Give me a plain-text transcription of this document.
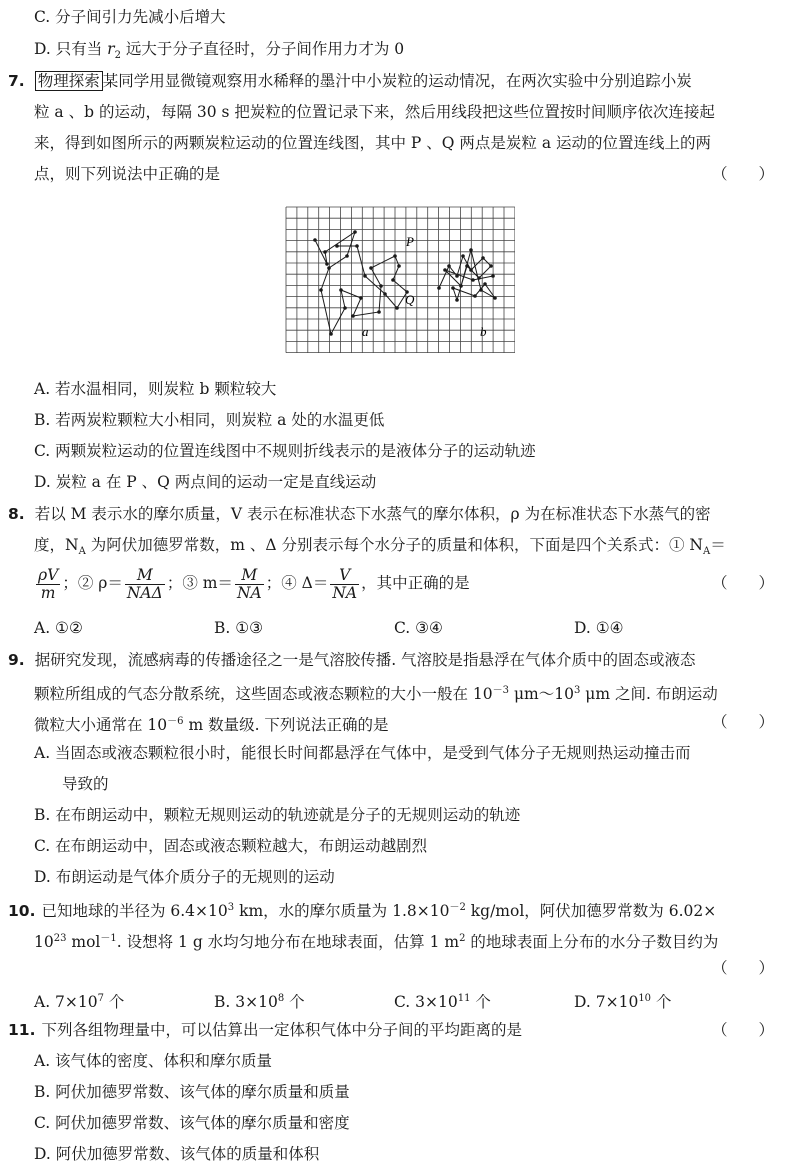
C. 分子间引力先减小后增大
D. 只有当 $r_2$ 远大于分子直径时，分子间作用力才为 0
7. 物理探索 某同学用显微镜观察用水稀释的墨汁中小炭粒的运动情况，在两次实验中分别追踪小炭
粒 a 、b 的运动，每隔 30 s 把炭粒的位置记录下来，然后用线段把这些位置按时间顺序依次连接起
来，得到如图所示的两颗炭粒运动的位置连线图，其中 P 、Q 两点是炭粒 a 运动的位置连线上的两
点，则下列说法中正确的是	（　　）
P
Q
a	b
A. 若水温相同，则炭粒 b 颗粒较大
B. 若两炭粒颗粒大小相同，则炭粒 a 处的水温更低
C. 两颗炭粒运动的位置连线图中不规则折线表示的是液体分子的运动轨迹
D. 炭粒 a 在 P 、Q 两点间的运动一定是直线运动
8. 若以 M 表示水的摩尔质量，V 表示在标准状态下水蒸气的摩尔体积，ρ 为在标准状态下水蒸气的密
度，$N_A$ 为阿伏加德罗常数，m 、Δ 分别表示每个水分子的质量和体积，下面是四个关系式：① $N_A=$
$\frac{\rho V}{m}$ ；② $\rho= \frac{M}{\text{NAΔ}}$ ；③ $m= \frac{M}{NA}$ ；④ $\Delta= \frac{V}{NA}$ ，其中正确的是	（　　）
A. ①②	B. ①③	C. ③④	D. ①④
9. 据研究发现，流感病毒的传播途径之一是气溶胶传播. 气溶胶是指悬浮在气体介质中的固态或液态
颗粒所组成的气态分散系统，这些固态或液态颗粒的大小一般在 $10^{-3}$ $\mu m\sim 10^3$ μm 之间. 布朗运动
微粒大小通常在 $10^{-6}$ m 数量级. 下列说法正确的是	（　　）
A. 当固态或液态颗粒很小时，能很长时间都悬浮在气体中，是受到气体分子无规则热运动撞击而
导致的
B. 在布朗运动中，颗粒无规则运动的轨迹就是分子的无规则运动的轨迹
C. 在布朗运动中，固态或液态颗粒越大，布朗运动越剧烈
D. 布朗运动是气体介质分子的无规则的运动
10. 已知地球的半径为 $6.4\times 10^3$ km，水的摩尔质量为 $1.8\times 10^{-2}$ kg/mol，阿伏加德罗常数为 6.02×
$10^{23}$ mol$^{-1}$. 设想将 1 g 水均匀地分布在地球表面，估算 1 $m^2$ 的地球表面上分布的水分子数目约为
（　　）
A. $7\times 10^7$ 个	B. $3\times 10^8$ 个	C. $3\times 10^{11}$ 个	D. $7\times 10^{10}$ 个
11. 下列各组物理量中，可以估算出一定体积气体中分子间的平均距离的是	（　　）
A. 该气体的密度、体积和摩尔质量
B. 阿伏加德罗常数、该气体的摩尔质量和质量
C. 阿伏加德罗常数、该气体的摩尔质量和密度
D. 阿伏加德罗常数、该气体的质量和体积
